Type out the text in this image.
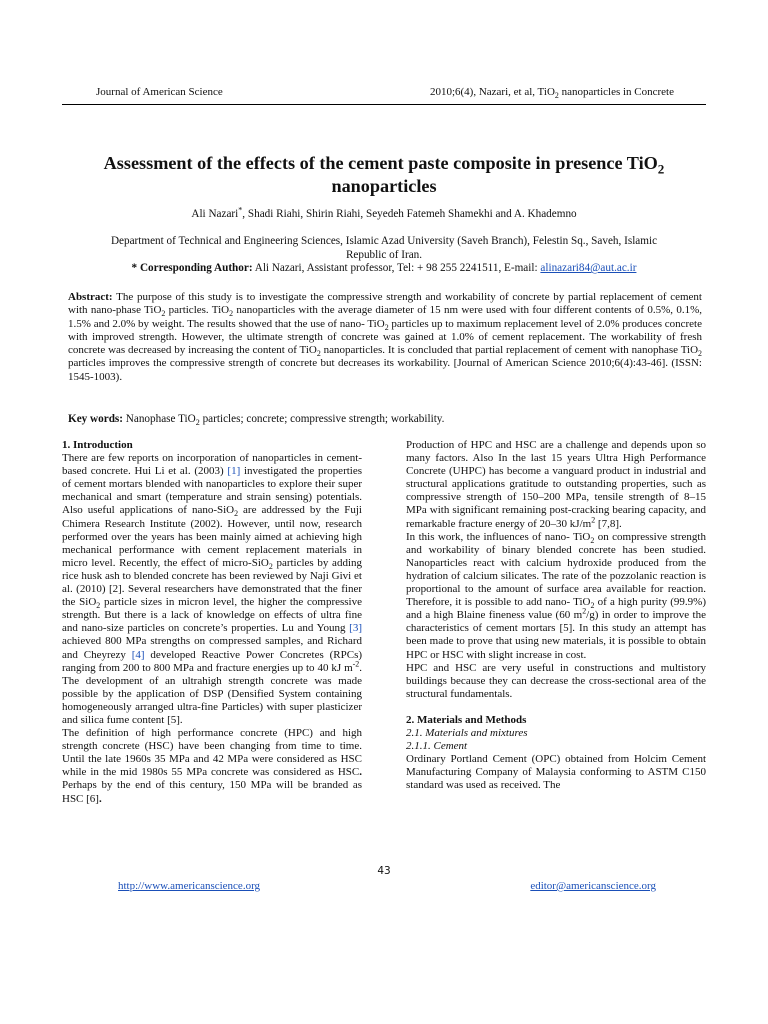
Journal of American Science	2010;6(4), Nazari, et al, TiO$_2$ nanoparticles in Concrete
Assessment of the effects of the cement paste composite in presence TiO$_2$
nanoparticles
Ali Nazari*, Shadi Riahi, Shirin Riahi, Seyedeh Fatemeh Shamekhi and A. Khademno
Department of Technical and Engineering Sciences, Islamic Azad University (Saveh Branch), Felestin Sq., Saveh, Islamic
Republic of Iran.
* Corresponding Author: Ali Nazari, Assistant professor, Tel: + 98 255 2241511, E-mail: alinazari84@aut.ac.ir
Abstract: The purpose of this study is to investigate the compressive strength and workability of concrete by partial replacement of cement with nano-phase TiO$_2$ particles. TiO$_2$ nanoparticles with the average diameter of 15 nm were used with four different contents of 0.5%, 0.1%, 1.5% and 2.0% by weight. The results showed that the use of nano- TiO$_2$ particles up to maximum replacement level of 2.0% produces concrete with improved strength. However, the ultimate strength of concrete was gained at 1.0% of cement replacement. The workability of fresh concrete was decreased by increasing the content of TiO$_2$ nanoparticles. It is concluded that partial replacement of cement with nanophase TiO$_2$ particles improves the compressive strength of concrete but decreases its workability. [Journal of American Science 2010;6(4):43-46]. (ISSN: 1545-1003).
Key words: Nanophase TiO$_2$ particles; concrete; compressive strength; workability.

1. Introduction

There are few reports on incorporation of nanoparticles in cement-based concrete. Hui Li et al. (2003) [1] investigated the properties of cement mortars blended with nanoparticles to explore their super mechanical and smart (temperature and strain sensing) potentials. Also useful applications of nano-SiO$_2$ are addressed by the Fuji Chimera Research Institute (2002). However, until now, research performed over the years has been mainly aimed at achieving high mechanical performance with cement replacement materials in micro level. Recently, the effect of micro-SiO$_2$ particles by adding rice husk ash to blended concrete has been reviewed by Naji Givi et al. (2010) [2]. Several researchers have demonstrated that the finer the SiO$_2$ particle sizes in micron level, the higher the compressive strength. But there is a lack of knowledge on effects of ultra fine and nano-size particles on concrete’s properties. Lu and Young [3] achieved 800 MPa strengths on compressed samples, and Richard and Cheyrezy [4] developed Reactive Power Concretes (RPCs) ranging from 200 to 800 MPa and fracture energies up to 40 kJ $m^{-2}$. The development of an ultrahigh strength concrete was made possible by the application of DSP (Densified System containing homogeneously arranged ultra-fine Particles) with super plasticizer and silica fume content [5].

The definition of high performance concrete (HPC) and high strength concrete (HSC) have been changing from time to time. Until the late 1960s 35 MPa and 42 MPa were considered as HSC while in the mid 1980s 55 MPa concrete was considered as HSC. Perhaps by the end of this century, 150 MPa will be branded as HSC [6].

Production of HPC and HSC are a challenge and depends upon so many factors. Also In the last 15 years Ultra High Performance Concrete (UHPC) has become a vanguard product in industrial and structural applications gratitude to outstanding properties, such as compressive strength of 150–200 MPa, tensile strength of 8–15 MPa with significant remaining post-cracking bearing capacity, and remarkable fracture energy of 20–30 $kJ/m^2$ [7,8].

In this work, the influences of nano- TiO$_2$ on compressive strength and workability of binary blended concrete has been studied. Nanoparticles react with calcium hydroxide produced from the hydration of calcium silicates. The rate of the pozzolanic reaction is proportional to the amount of surface area available for reaction. Therefore, it is possible to add nano- TiO$_2$ of a high purity (99.9%) and a high Blaine fineness value (60 $m^2/g$) in order to improve the characteristics of cement mortars [5]. In this study an attempt has been made to prove that using new materials, it is possible to obtain HPC or HSC with slight increase in cost.

HPC and HSC are very useful in constructions and multistory buildings because they can decrease the cross-sectional area of the structural fundamentals.

2. Materials and Methods

2.1. Materials and mixtures

2.1.1. Cement

Ordinary Portland Cement (OPC) obtained from Holcim Cement Manufacturing Company of Malaysia conforming to ASTM C150 standard was used as received. The

43
http://www.americanscience.org	editor@americanscience.org
